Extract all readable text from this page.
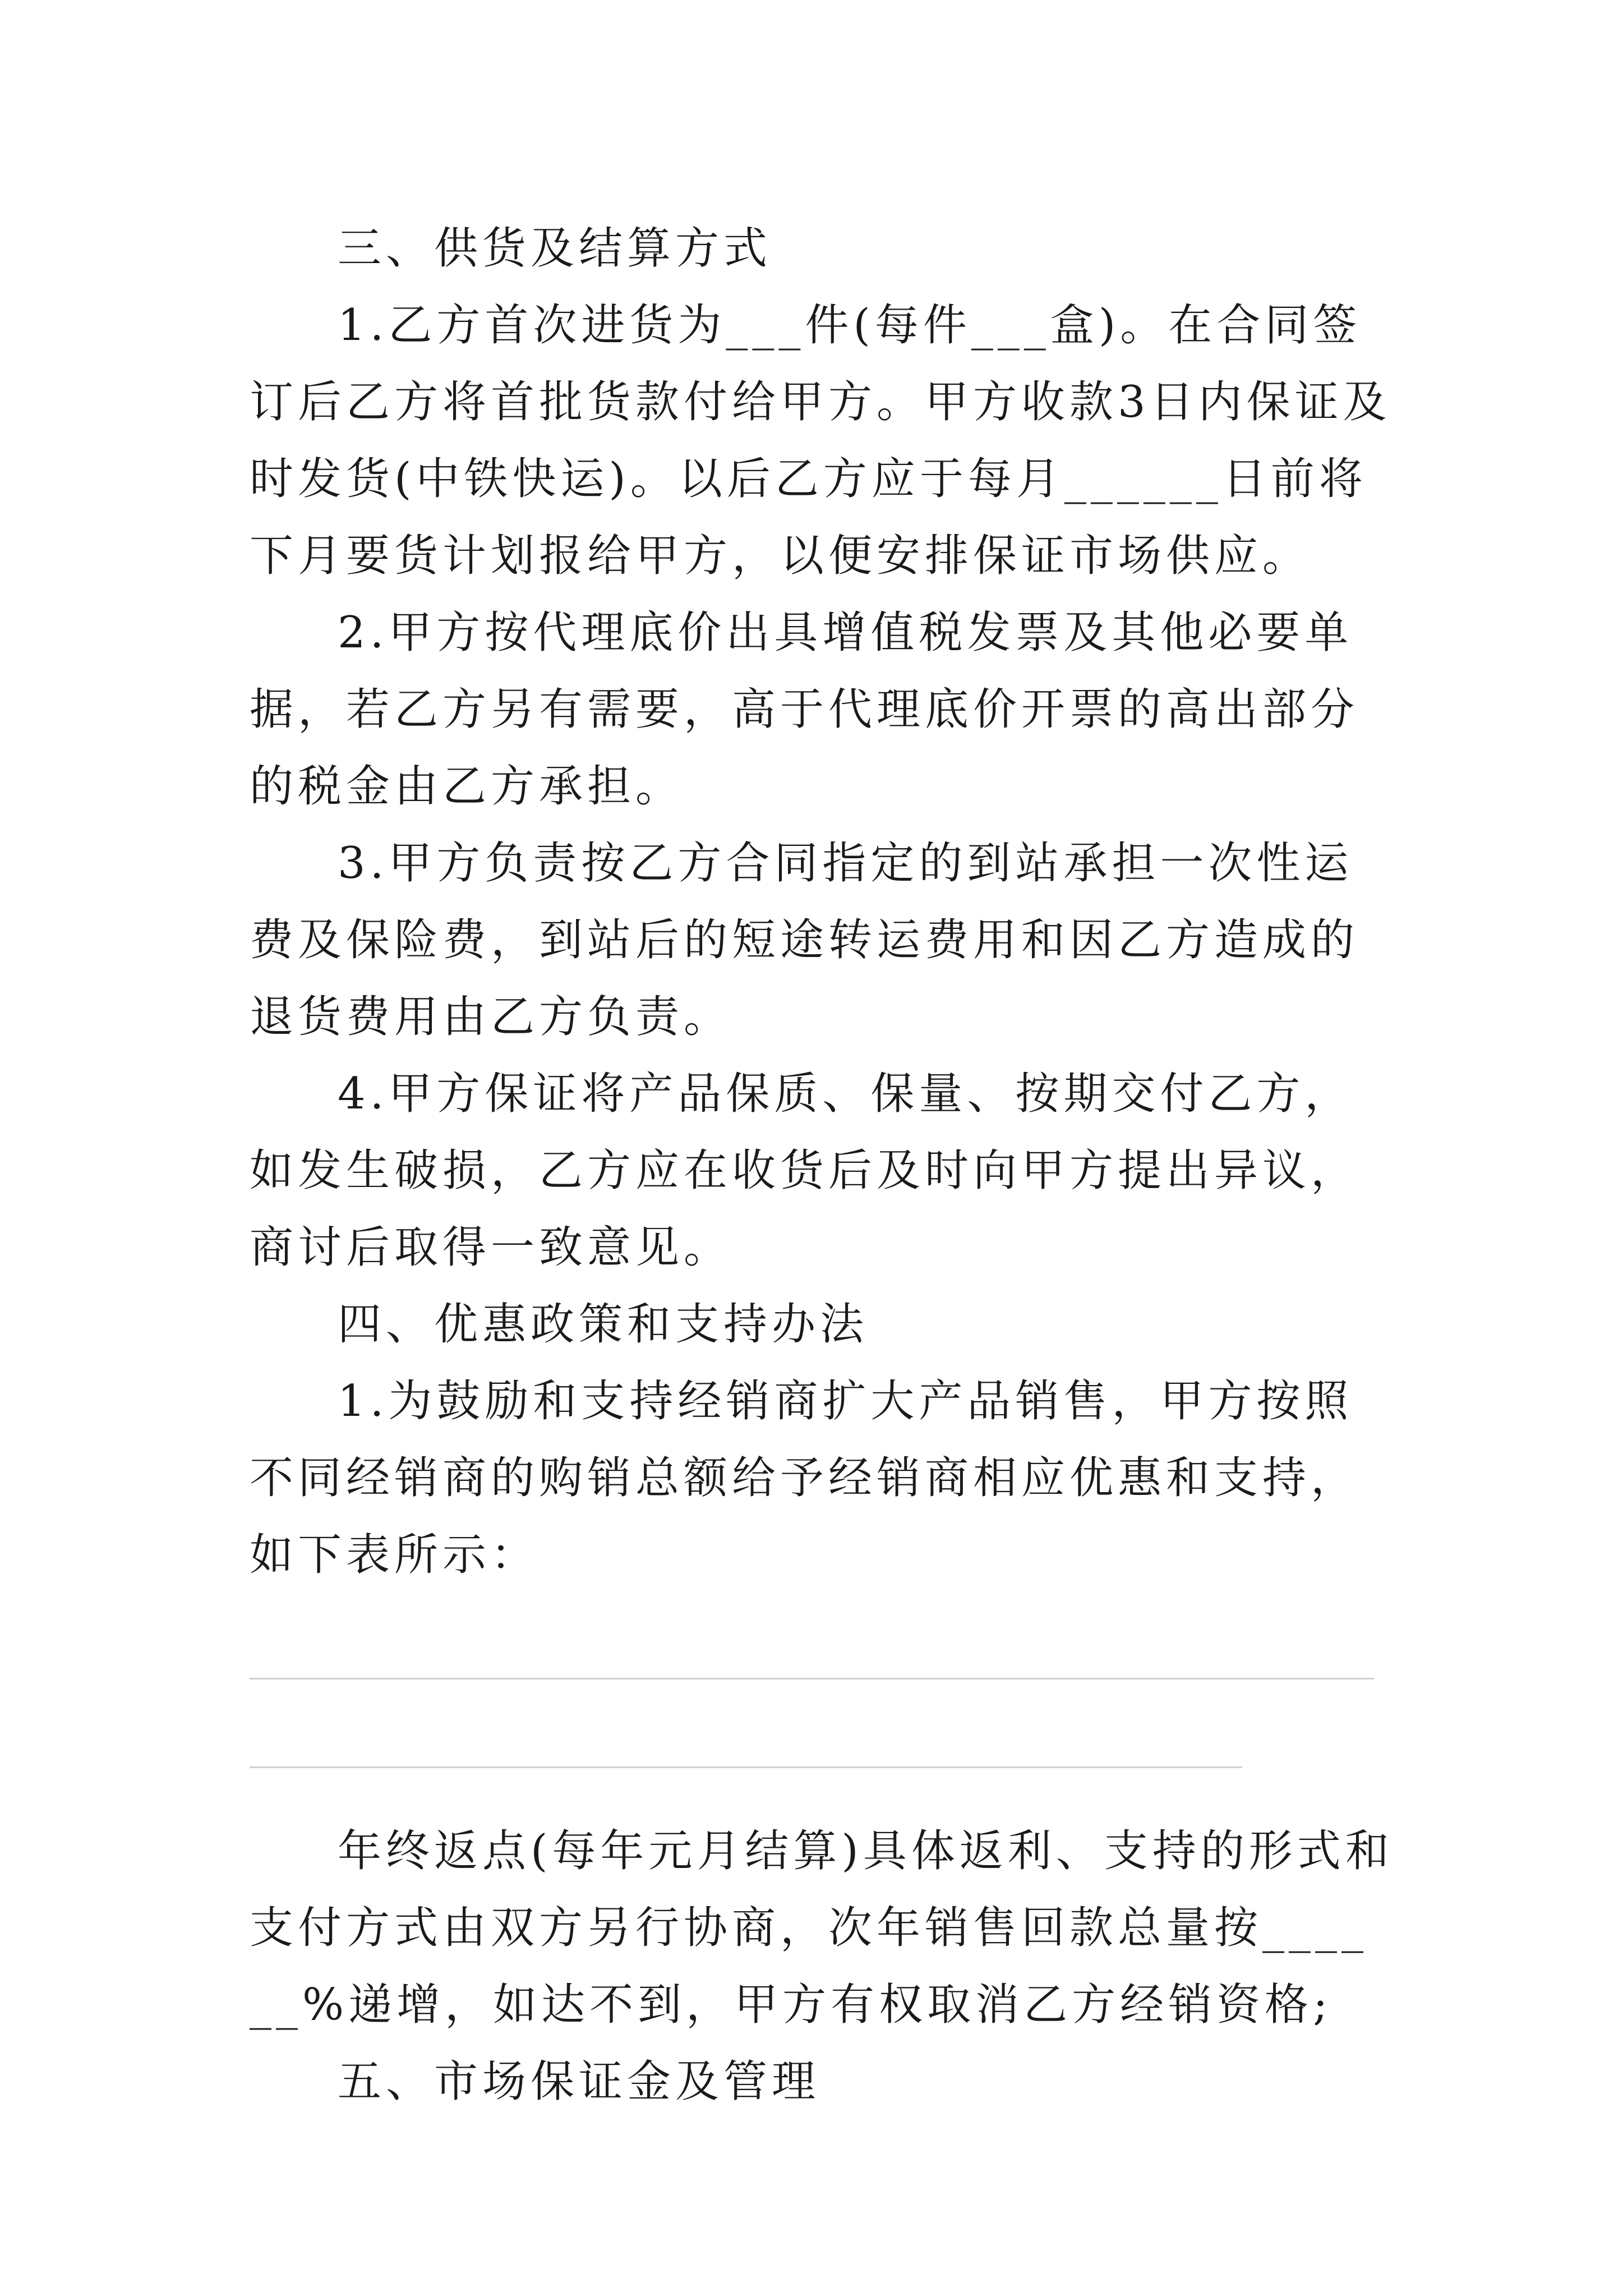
三、供货及结算方式

1.乙方首次进货为___件(每件___盒)。在合同签订后乙方将首批货款付给甲方。甲方收款3日内保证及时发货(中铁快运)。以后乙方应于每月______日前将下月要货计划报给甲方，以便安排保证市场供应。

2.甲方按代理底价出具增值税发票及其他必要单据，若乙方另有需要，高于代理底价开票的高出部分的税金由乙方承担。

3.甲方负责按乙方合同指定的到站承担一次性运费及保险费，到站后的短途转运费用和因乙方造成的退货费用由乙方负责。

4.甲方保证将产品保质、保量、按期交付乙方，如发生破损，乙方应在收货后及时向甲方提出异议，商讨后取得一致意见。

四、优惠政策和支持办法

1.为鼓励和支持经销商扩大产品销售，甲方按照不同经销商的购销总额给予经销商相应优惠和支持，如下表所示：

年终返点(每年元月结算)具体返利、支持的形式和支付方式由双方另行协商，次年销售回款总量按______%递增，如达不到，甲方有权取消乙方经销资格;

五、市场保证金及管理
